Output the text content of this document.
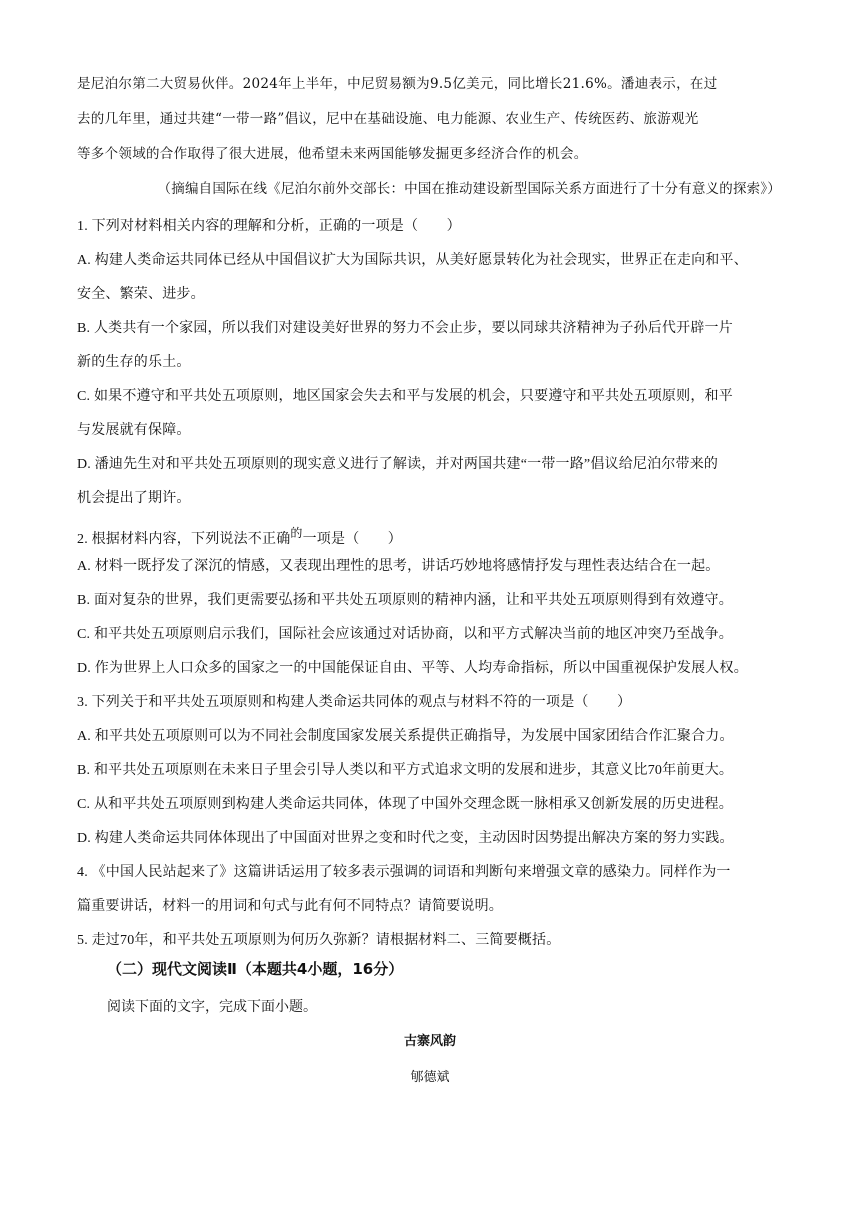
是尼泊尔第二大贸易伙伴。2024年上半年，中尼贸易额为9.5亿美元，同比增长21.6%。潘迪表示，在过

去的几年里，通过共建“一带一路”倡议，尼中在基础设施、电力能源、农业生产、传统医药、旅游观光

等多个领域的合作取得了很大进展，他希望未来两国能够发掘更多经济合作的机会。

（摘编自国际在线《尼泊尔前外交部长：中国在推动建设新型国际关系方面进行了十分有意义的探索》）

1. 下列对材料相关内容的理解和分析，正确的一项是（　　）
A. 构建人类命运共同体已经从中国倡议扩大为国际共识，从美好愿景转化为社会现实，世界正在走向和平、
安全、繁荣、进步。
B. 人类共有一个家园，所以我们对建设美好世界的努力不会止步，要以同球共济精神为子孙后代开辟一片
新的生存的乐土。
C. 如果不遵守和平共处五项原则，地区国家会失去和平与发展的机会，只要遵守和平共处五项原则，和平
与发展就有保障。
D. 潘迪先生对和平共处五项原则的现实意义进行了解读，并对两国共建“一带一路”倡议给尼泊尔带来的
机会提出了期许。
2. 根据材料内容，下列说法不正确的一项是（　　）
A. 材料一既抒发了深沉的情感，又表现出理性的思考，讲话巧妙地将感情抒发与理性表达结合在一起。
B. 面对复杂的世界，我们更需要弘扬和平共处五项原则的精神内涵，让和平共处五项原则得到有效遵守。
C. 和平共处五项原则启示我们，国际社会应该通过对话协商，以和平方式解决当前的地区冲突乃至战争。
D. 作为世界上人口众多的国家之一的中国能保证自由、平等、人均寿命指标，所以中国重视保护发展人权。
3. 下列关于和平共处五项原则和构建人类命运共同体的观点与材料不符的一项是（　　）
A. 和平共处五项原则可以为不同社会制度国家发展关系提供正确指导，为发展中国家团结合作汇聚合力。
B. 和平共处五项原则在未来日子里会引导人类以和平方式追求文明的发展和进步，其意义比70年前更大。
C. 从和平共处五项原则到构建人类命运共同体，体现了中国外交理念既一脉相承又创新发展的历史进程。
D. 构建人类命运共同体体现出了中国面对世界之变和时代之变，主动因时因势提出解决方案的努力实践。
4. 《中国人民站起来了》这篇讲话运用了较多表示强调的词语和判断句来增强文章的感染力。同样作为一
篇重要讲话，材料一的用词和句式与此有何不同特点？请简要说明。
5. 走过70年，和平共处五项原则为何历久弥新？请根据材料二、三简要概括。
（二）现代文阅读Ⅱ（本题共4小题，16分）
阅读下面的文字，完成下面小题。
古寨风韵
郇德斌
